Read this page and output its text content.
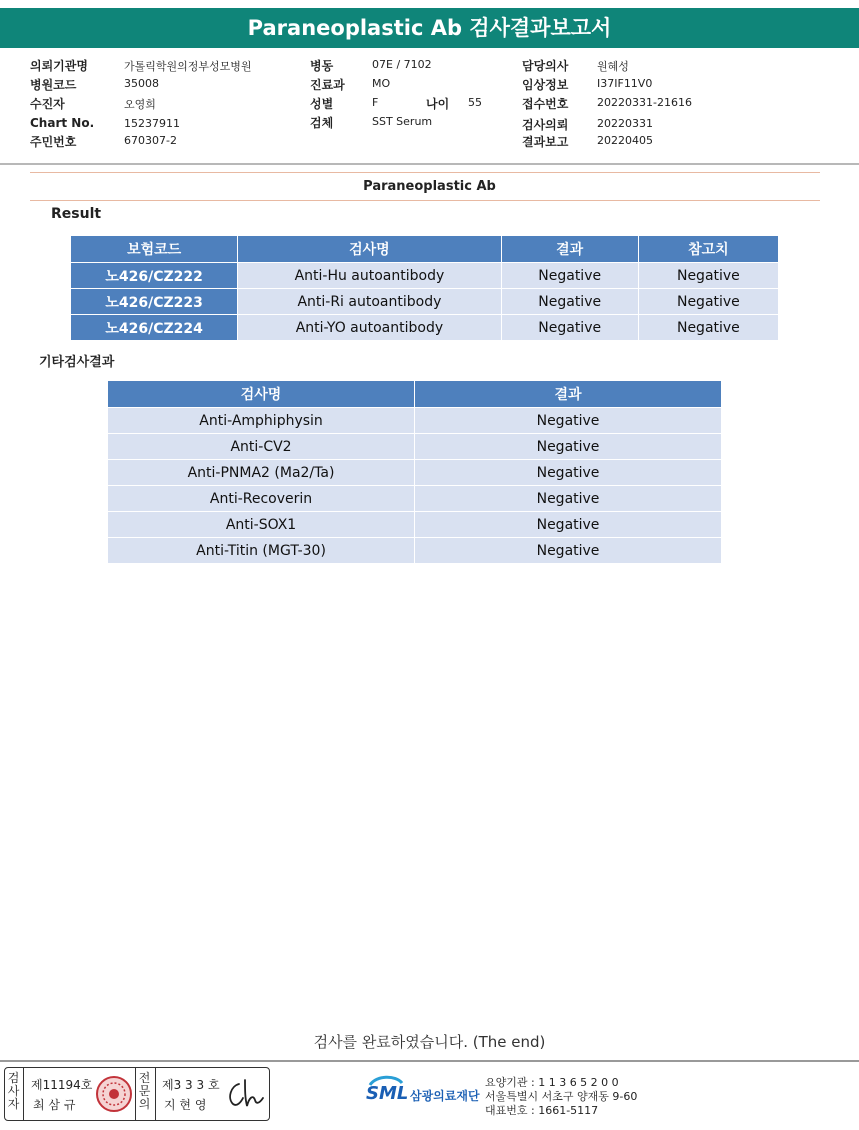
Paraneoplastic Ab 검사결과보고서
의뢰기관명	가톨릭학원의정부성모병원
병원코드	35008
수진자	오영희
Chart No.	15237911
주민번호	670307-2
병동	07E / 7102
진료과 MO
성별	F	나이 55
검체	SST Serum
담당의사	원혜성
임상정보	I37IF11V0
접수번호	20220331-21616
검사의뢰	20220331
결과보고	20220405
Paraneoplastic Ab
Result
보험코드	검사명	결과	참고치
노426/CZ222	Anti-Hu autoantibody	Negative	Negative
노426/CZ223	Anti-Ri autoantibody	Negative	Negative
노426/CZ224	Anti-YO autoantibody	Negative	Negative
기타검사결과
검사명	결과
Anti-Amphiphysin	Negative
Anti-CV2	Negative
Anti-PNMA2 (Ma2/Ta)	Negative
Anti-Recoverin	Negative
Anti-SOX1	Negative
Anti-Titin (MGT-30)	Negative
검사를 완료하였습니다. (The end)
검사자
제11194호
최 삼 규
전문의
제3 3 3 호
지 현 영
SML 삼광의료재단
요양기관 : 1 1 3 6 5 2 0 0
서울특별시 서초구 양재동 9-60
대표번호 : 1661-5117
